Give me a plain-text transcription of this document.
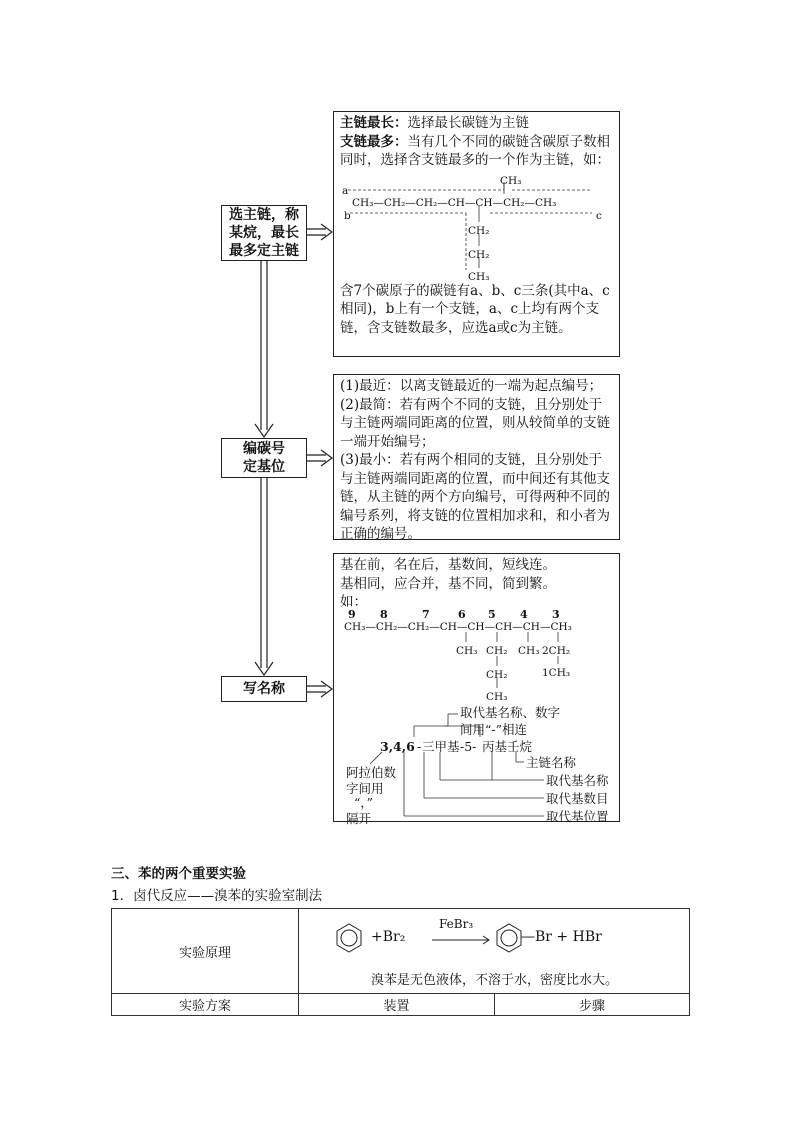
选主链，称
某烷，最长
最多定主链
编碳号
定基位
写名称
主链最长：选择最长碳链为主链
支链最多：当有几个不同的碳链含碳原子数相同时，选择含支链最多的一个作为主链，如：
CH₃
a
CH₃—CH₂—CH₂—CH—CH—CH₂—CH₃
b	c
CH₂
CH₂
CH₃
含7个碳原子的碳链有a、b、c三条(其中a、c相同)，b上有一个支链，a、c上均有两个支链，含支链数最多，应选a或c为主链。
(1)最近：以离支链最近的一端为起点编号；
(2)最简：若有两个不同的支链，且分别处于与主链两端同距离的位置，则从较简单的支链一端开始编号；
(3)最小：若有两个相同的支链，且分别处于与主链两端同距离的位置，而中间还有其他支链，从主链的两个方向编号，可得两种不同的编号系列，将支链的位置相加求和，和小者为正确的编号。
基在前，名在后，基数间，短线连。
基相同，应合并，基不同，简到繁。
如：
9 8	7	6 5 4 3
CH₃—CH₂—CH₂—CH—CH—CH—CH—CH₃
CH₃ CH₂ CH₃ 2CH₂
1CH₃
CH₂
CH₃
取代基名称、数字
间用“-”相连
3,4,6 - 三甲基 -5- 丙基壬烷
主链名称
取代基名称
取代基数目
取代基位置
阿拉伯数
字间用
“，”
隔开
三、苯的两个重要实验
1．卤代反应——溴苯的实验室制法
实验原理	+Br₂
FeBr₃
—Br + HBr
溴苯是无色液体，不溶于水，密度比水大。	

实验方案	装置	步骤
